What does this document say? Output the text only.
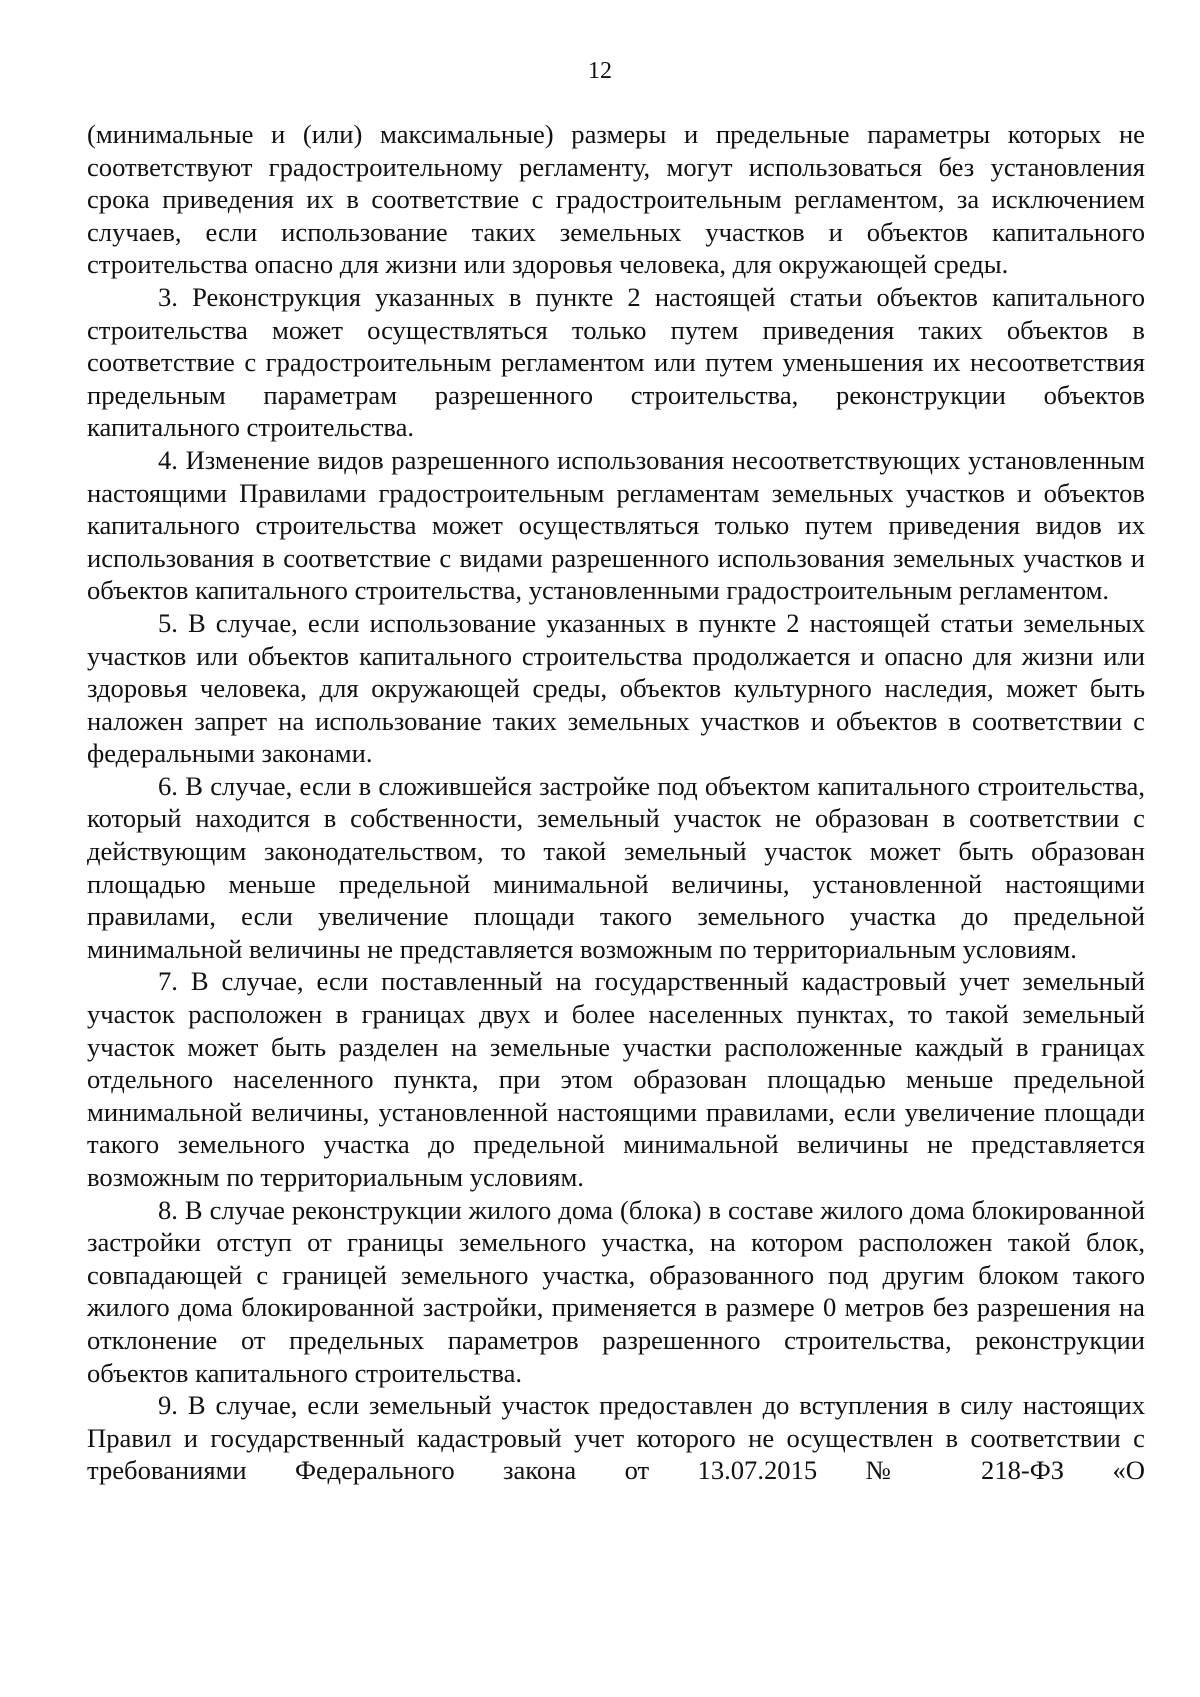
12

(минимальные и (или) максимальные) размеры и предельные параметры которых не соответствуют градостроительному регламенту, могут использоваться без установления срока приведения их в соответствие с градостроительным регламентом, за исключением случаев, если использование таких земельных участков и объектов капитального строительства опасно для жизни или здоровья человека, для окружающей среды.

3. Реконструкция указанных в пункте 2 настоящей статьи объектов капитального строительства может осуществляться только путем приведения таких объектов в соответствие с градостроительным регламентом или путем уменьшения их несоответствия предельным параметрам разрешенного строительства, реконструкции объектов капитального строительства.

4. Изменение видов разрешенного использования несоответствующих установленным настоящими Правилами градостроительным регламентам земельных участков и объектов капитального строительства может осуществляться только путем приведения видов их использования в соответствие с видами разрешенного использования земельных участков и объектов капитального строительства, установленными градостроительным регламентом.

5. В случае, если использование указанных в пункте 2 настоящей статьи земельных участков или объектов капитального строительства продолжается и опасно для жизни или здоровья человека, для окружающей среды, объектов культурного наследия, может быть наложен запрет на использование таких земельных участков и объектов в соответствии с федеральными законами.

6. В случае, если в сложившейся застройке под объектом капитального строительства, который находится в собственности, земельный участок не образован в соответствии с действующим законодательством, то такой земельный участок может быть образован площадью меньше предельной минимальной величины, установленной настоящими правилами, если увеличение площади такого земельного участка до предельной минимальной величины не представляется возможным по территориальным условиям.

7. В случае, если поставленный на государственный кадастровый учет земельный участок расположен в границах двух и более населенных пунктах, то такой земельный участок может быть разделен на земельные участки расположенные каждый в границах отдельного населенного пункта, при этом образован площадью меньше предельной минимальной величины, установленной настоящими правилами, если увеличение площади такого земельного участка до предельной минимальной величины не представляется возможным по территориальным условиям.

8. В случае реконструкции жилого дома (блока) в составе жилого дома блокированной застройки отступ от границы земельного участка, на котором расположен такой блок, совпадающей с границей земельного участка, образованного под другим блоком такого жилого дома блокированной застройки, применяется в размере 0 метров без разрешения на отклонение от предельных параметров разрешенного строительства, реконструкции объектов капитального строительства.

9. В случае, если земельный участок предоставлен до вступления в силу настоящих Правил и государственный кадастровый учет которого не осуществлен в соответствии с требованиями Федерального закона от 13.07.2015 № 218-ФЗ «О
